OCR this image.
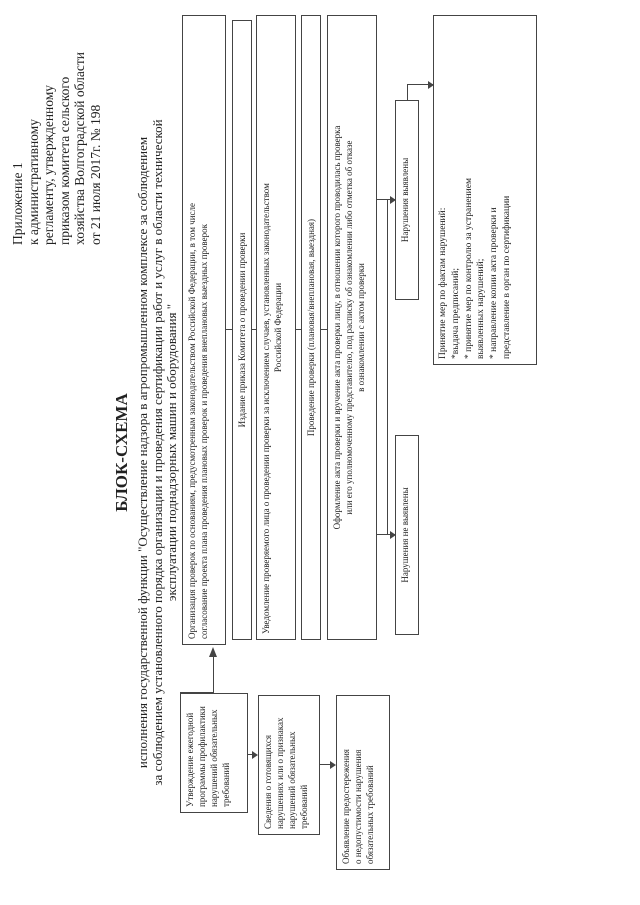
Приложение 1 к административному регламенту, утвержденному приказом комитета сельского хозяйства Волгоградской области от 21 июля 2017г. № 198
БЛОК-СХЕМА исполнения государственной функции "Осуществление надзора в агропромышленном комплексе за соблюдением за соблюдением установленного порядка организации и проведения сертификации работ и услуг в области технической эксплуатации поднадзорных машин и оборудования " Организация проверок по основаниям, предусмотренным законодательством Российской Федерации, в том числе согласование проекта плана проведения плановых проверок и проведения внеплановых выездных проверок	Издание приказа Комитета о проведении проверки Уведомление проверяемого лица о проведении проверки за исключением случаев, установленных законодательством Российской Федерации	Проведение проверки (плановая/внеплановая, выездная) Оформление акта проверки и вручение акта проверки лицу, в отношении которого проводилась проверка или его уполномоченному представителю, под расписку об ознакомлении либо отметка об отказе в ознакомлении с актом проверки
Нарушения выявлены
Нарушения не выявлены
Принятие мер по фактам нарушений: *выдача предписаний; * принятие мер по контролю за устранением выявленных нарушений; * направление копии акта проверки и представление в орган по сертификации
Утверждение ежегодной программы профилактики нарушений обязательных требований	Сведения о готовящихся нарушениях или о признаках нарушений обязательных требований	Объявление предостережения о недопустимости нарушения обязательных требований
